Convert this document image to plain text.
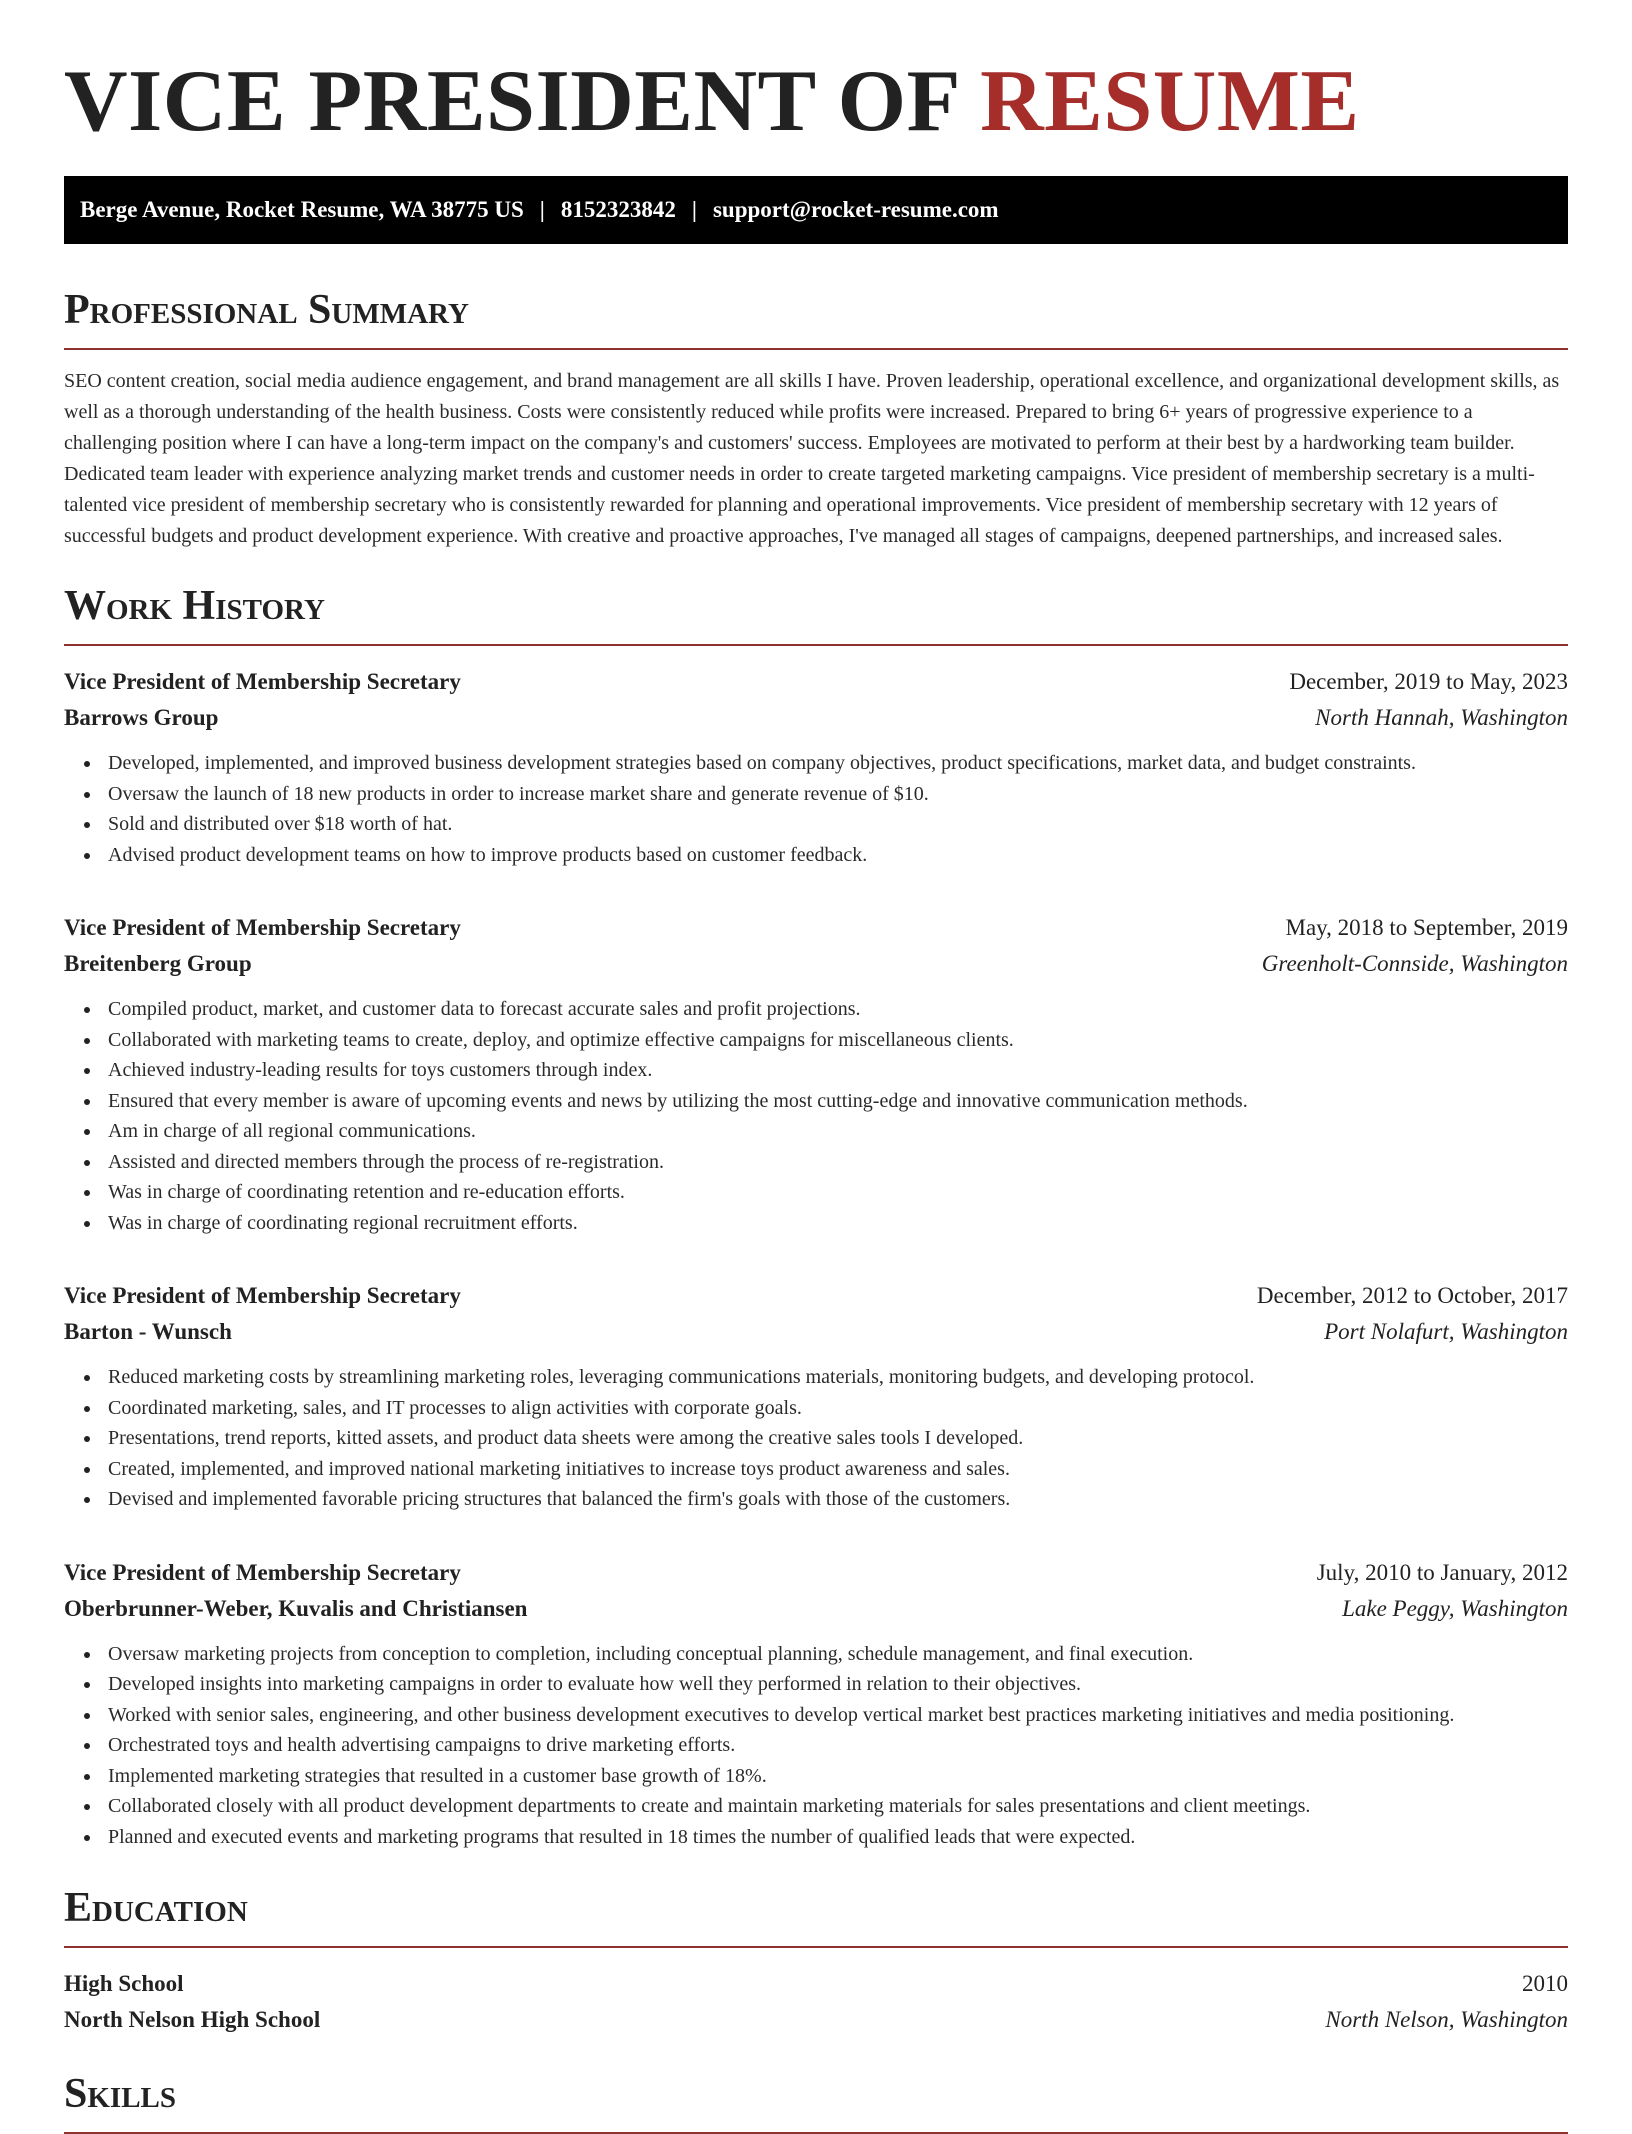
VICE PRESIDENT OF RESUME
Berge Avenue, Rocket Resume, WA 38775 US | 8152323842 | support@rocket-resume.com
Professional Summary

SEO content creation, social media audience engagement, and brand management are all skills I have. Proven leadership, operational excellence, and organizational development skills, as well as a thorough understanding of the health business. Costs were consistently reduced while profits were increased. Prepared to bring 6+ years of progressive experience to a challenging position where I can have a long-term impact on the company's and customers' success. Employees are motivated to perform at their best by a hardworking team builder. Dedicated team leader with experience analyzing market trends and customer needs in order to create targeted marketing campaigns. Vice president of membership secretary is a multi-talented vice president of membership secretary who is consistently rewarded for planning and operational improvements. Vice president of membership secretary with 12 years of successful budgets and product development experience. With creative and proactive approaches, I've managed all stages of campaigns, deepened partnerships, and increased sales.

Work History
Vice President of Membership Secretary	December, 2019 to May, 2023
Barrows Group	North Hannah, Washington
Developed, implemented, and improved business development strategies based on company objectives, product specifications, market data, and budget constraints.
Oversaw the launch of 18 new products in order to increase market share and generate revenue of $10.
Sold and distributed over $18 worth of hat.
Advised product development teams on how to improve products based on customer feedback.
Vice President of Membership Secretary	May, 2018 to September, 2019
Breitenberg Group	Greenholt-Connside, Washington
Compiled product, market, and customer data to forecast accurate sales and profit projections.
Collaborated with marketing teams to create, deploy, and optimize effective campaigns for miscellaneous clients.
Achieved industry-leading results for toys customers through index.
Ensured that every member is aware of upcoming events and news by utilizing the most cutting-edge and innovative communication methods.
Am in charge of all regional communications.
Assisted and directed members through the process of re-registration.
Was in charge of coordinating retention and re-education efforts.
Was in charge of coordinating regional recruitment efforts.
Vice President of Membership Secretary	December, 2012 to October, 2017
Barton - Wunsch	Port Nolafurt, Washington
Reduced marketing costs by streamlining marketing roles, leveraging communications materials, monitoring budgets, and developing protocol.
Coordinated marketing, sales, and IT processes to align activities with corporate goals.
Presentations, trend reports, kitted assets, and product data sheets were among the creative sales tools I developed.
Created, implemented, and improved national marketing initiatives to increase toys product awareness and sales.
Devised and implemented favorable pricing structures that balanced the firm's goals with those of the customers.
Vice President of Membership Secretary	July, 2010 to January, 2012
Oberbrunner-Weber, Kuvalis and Christiansen	Lake Peggy, Washington
Oversaw marketing projects from conception to completion, including conceptual planning, schedule management, and final execution.
Developed insights into marketing campaigns in order to evaluate how well they performed in relation to their objectives.
Worked with senior sales, engineering, and other business development executives to develop vertical market best practices marketing initiatives and media positioning.
Orchestrated toys and health advertising campaigns to drive marketing efforts.
Implemented marketing strategies that resulted in a customer base growth of 18%.
Collaborated closely with all product development departments to create and maintain marketing materials for sales presentations and client meetings.
Planned and executed events and marketing programs that resulted in 18 times the number of qualified leads that were expected.
Education
High School	2010
North Nelson High School	North Nelson, Washington
Skills
